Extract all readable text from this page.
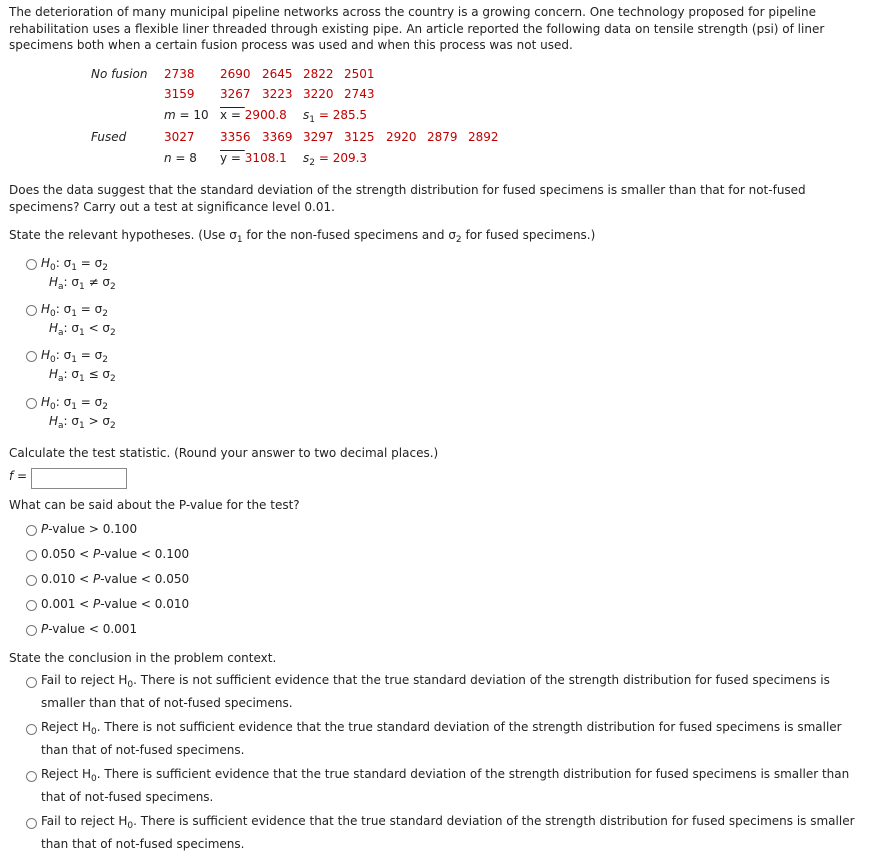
The deterioration of many municipal pipeline networks across the country is a growing concern. One technology proposed for pipeline rehabilitation uses a flexible liner threaded through existing pipe. An article reported the following data on tensile strength (psi) of liner specimens both when a certain fusion process was used and when this process was not used.
No fusion 2738 2690 2645 2822 2501
3159 3267 3223 3220 2743
m = 10 x = 2900.8 $s_1 = 285.5$
Fused	3027 3356 3369 3297 3125 2920 2879 2892
n = 8 y = 3108.1 $s_2 = 209.3$
Does the data suggest that the standard deviation of the strength distribution for fused specimens is smaller than that for not-fused specimens? Carry out a test at significance level 0.01.
State the relevant hypotheses. (Use $\sigma_1$ for the non-fused specimens and $\sigma_2$ for fused specimens.)
$H_0$: $\sigma_1 = \sigma_2$
$H_a$: $\sigma_1 \ne \sigma_2$
$H_0$: $\sigma_1 = \sigma_2$
$H_a$: $\sigma_1 < \sigma_2$
$H_0$: $\sigma_1 = \sigma_2$
$H_a$: $\sigma_1 \le \sigma_2$
$H_0$: $\sigma_1 = \sigma_2$
$H_a$: $\sigma_1 > \sigma_2$
Calculate the test statistic. (Round your answer to two decimal places.)
f =
What can be said about the P-value for the test?
P-value > 0.100
0.050 < P-value < 0.100
0.010 < P-value < 0.050
0.001 < P-value < 0.010
P-value < 0.001
State the conclusion in the problem context.
Fail to reject $H_0$. There is not sufficient evidence that the true standard deviation of the strength distribution for fused specimens is smaller than that of not-fused specimens.
Reject $H_0$. There is not sufficient evidence that the true standard deviation of the strength distribution for fused specimens is smaller than that of not-fused specimens.
Reject $H_0$. There is sufficient evidence that the true standard deviation of the strength distribution for fused specimens is smaller than that of not-fused specimens.
Fail to reject $H_0$. There is sufficient evidence that the true standard deviation of the strength distribution for fused specimens is smaller than that of not-fused specimens.
